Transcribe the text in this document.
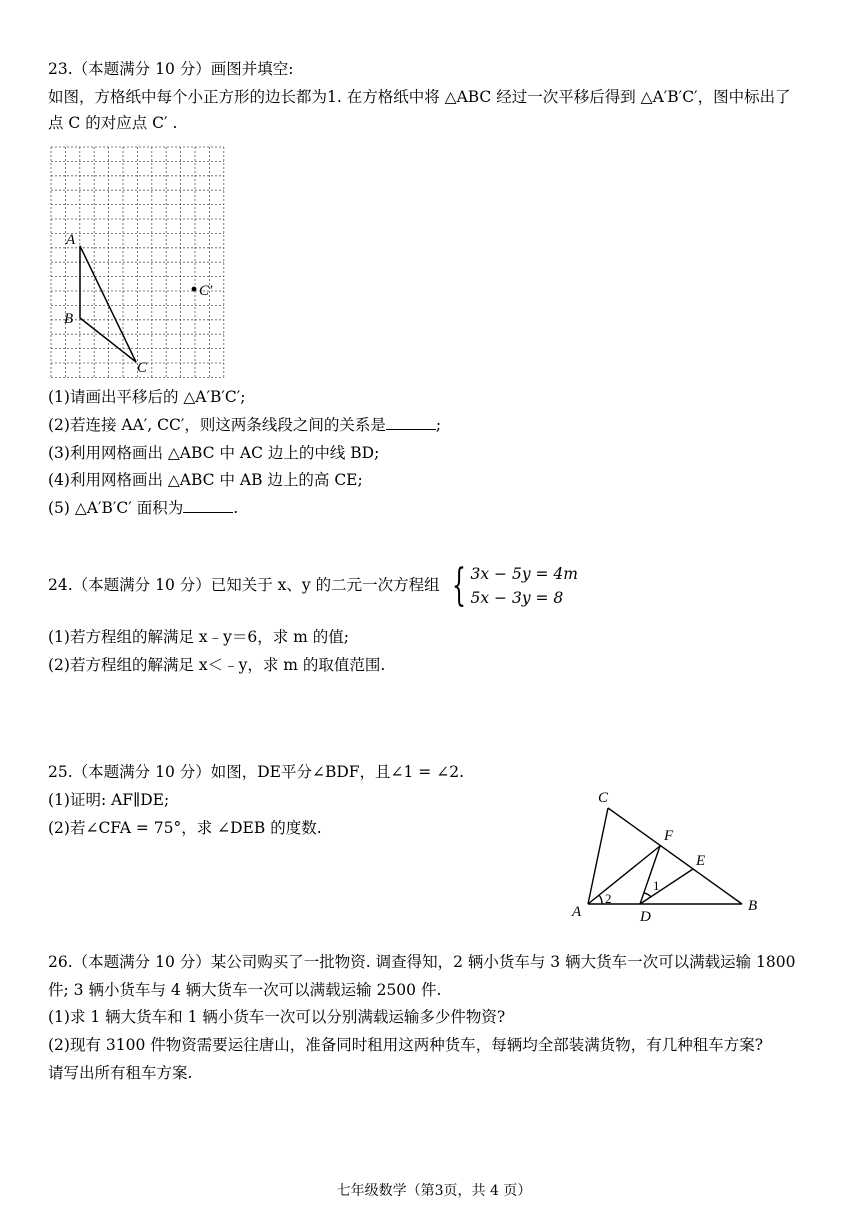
23.（本题满分 10 分）画图并填空:
如图，方格纸中每个小正方形的边长都为1. 在方格纸中将 △ABC 经过一次平移后得到 △A′B′C′，图中标出了
点 C 的对应点 C′ .
A
B
C
C′
(1)请画出平移后的 △A′B′C′;
(2)若连接 AA′, CC′，则这两条线段之间的关系是	;
(3)利用网格画出 △ABC 中 AC 边上的中线 BD;
(4)利用网格画出 △ABC 中 AB 边上的高 CE;
(5) △A′B′C′ 面积为	.
24.（本题满分 10 分）已知关于 x、y 的二元一次方程组 { 3x − 5y = 4m
5x − 3y = 8
(1)若方程组的解满足 x﹣y＝6，求 m 的值;
(2)若方程组的解满足 x＜﹣y，求 m 的取值范围.
25.（本题满分 10 分）如图，DE平分∠BDF，且∠1 = ∠2.
(1)证明: AF∥DE;
(2)若∠CFA = 75°，求 ∠DEB 的度数.
C
F
E
A	D
B
1
2
26.（本题满分 10 分）某公司购买了一批物资. 调查得知，2 辆小货车与 3 辆大货车一次可以满载运输 1800
件; 3 辆小货车与 4 辆大货车一次可以满载运输 2500 件.
(1)求 1 辆大货车和 1 辆小货车一次可以分别满载运输多少件物资?
(2)现有 3100 件物资需要运往唐山，准备同时租用这两种货车，每辆均全部装满货物，有几种租车方案?
请写出所有租车方案.
七年级数学（第3页，共 4 页）
